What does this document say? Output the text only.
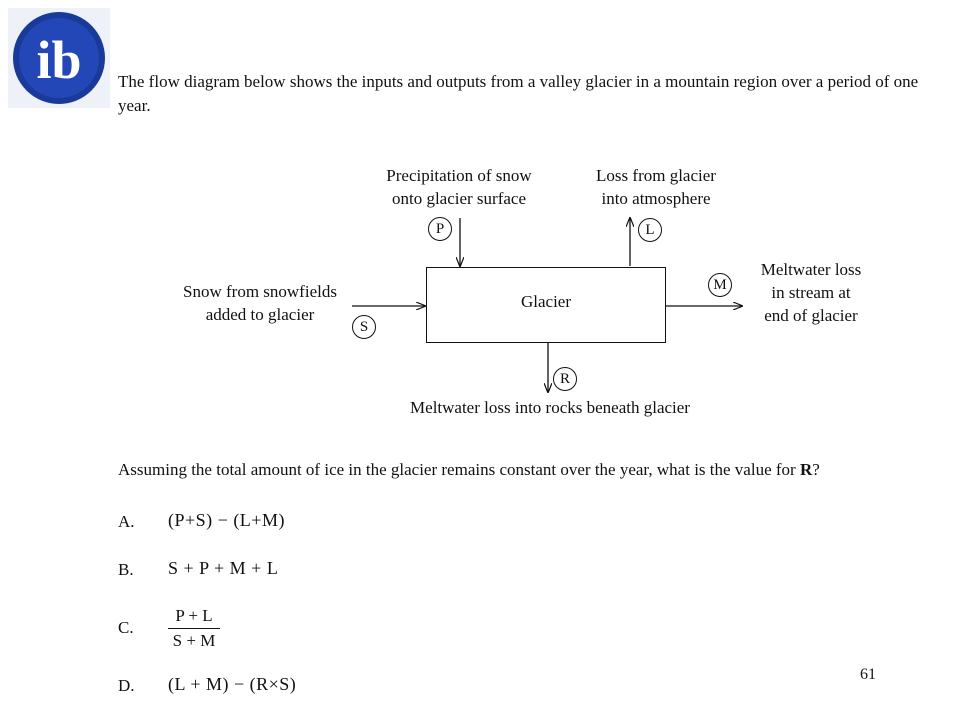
ib The flow diagram below shows the inputs and outputs from a valley glacier in a mountain region over a period of one year.

Glacier
Precipitation of snow
onto glacier surface
P
Loss from glacier
into atmosphere
L
Snow from snowfields
added to glacier
S
M
Meltwater loss
in stream at
end of glacier
R
Meltwater loss into rocks beneath glacier

Assuming the total amount of ice in the glacier remains constant over the year, what is the value for R?

A. (P+S) − (L+M)
B. S + P + M + L
C. $\frac{P + L}{S + M}$
D. (L + M) − (R×S)	61
